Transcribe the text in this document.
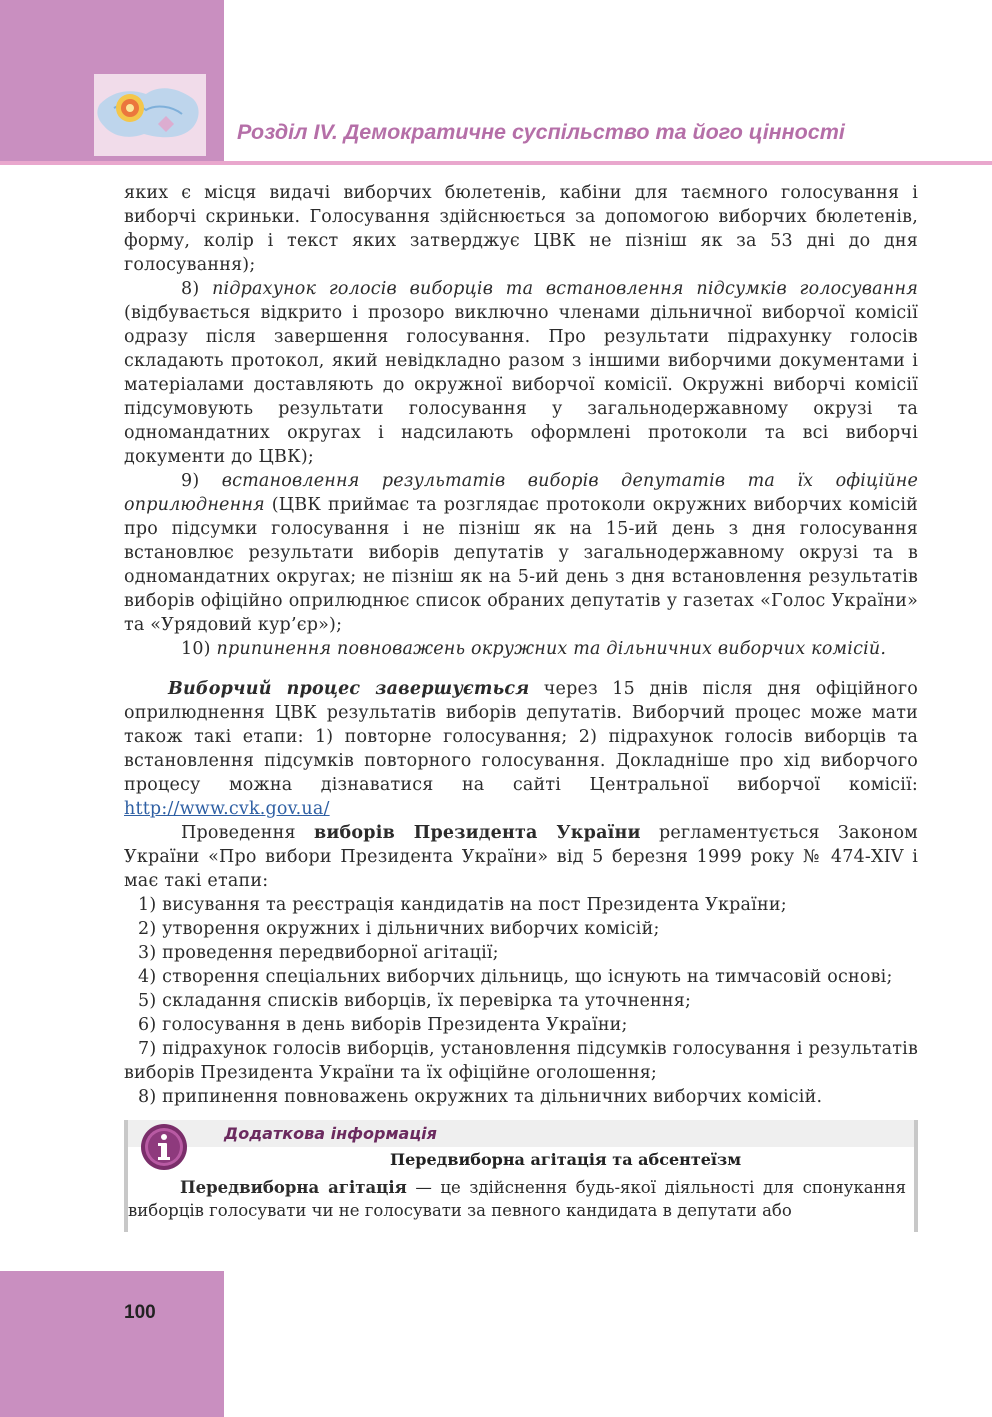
Розділ IV. Демократичне суспільство та його цінності

яких є місця видачі виборчих бюлетенів, кабіни для таємного голосування і виборчі скриньки. Голосування здійснюється за допомогою виборчих бюлетенів, форму, колір і текст яких затверджує ЦВК не пізніш як за 53 дні до дня голосування);

8) підрахунок голосів виборців та встановлення підсумків голосування (відбувається відкрито і прозоро виключно членами дільничної виборчої комісії одразу після завершення голосування. Про результати підрахунку голосів складають протокол, який невідкладно разом з іншими виборчими документами і матеріалами доставляють до окружної виборчої комісії. Окружні виборчі комісії підсумовують результати голосування у загальнодержавному окрузі та одномандатних округах і надсилають оформлені протоколи та всі виборчі документи до ЦВК);

9) встановлення результатів виборів депутатів та їх офіційне оприлюднення (ЦВК приймає та розглядає протоколи окружних виборчих комісій про підсумки голосування і не пізніш як на 15-ий день з дня голосування встановлює результати виборів депутатів у загальнодержавному окрузі та в одномандатних округах; не пізніш як на 5-ий день з дня встановлення результатів виборів офіційно оприлюднює список обраних депутатів у газетах «Голос України» та «Урядовий кур’єр»);

10) припинення повноважень окружних та дільничних виборчих комісій.

Виборчий процес завершується через 15 днів після дня офіційного оприлюднення ЦВК результатів виборів депутатів. Виборчий процес може мати також такі етапи: 1) повторне голосування; 2) підрахунок голосів виборців та встановлення підсумків повторного голосування. Докладніше про хід виборчого процесу можна дізнаватися на сайті Центральної виборчої комісії: http://www.cvk.gov.ua/

Проведення виборів Президента України регламентується Законом України «Про вибори Президента України» від 5 березня 1999 року № 474-XIV і має такі етапи:

1) висування та реєстрація кандидатів на пост Президента України;

2) утворення окружних і дільничних виборчих комісій;

3) проведення передвиборної агітації;

4) створення спеціальних виборчих дільниць, що існують на тимчасовій основі;

5) складання списків виборців, їх перевірка та уточнення;

6) голосування в день виборів Президента України;

7) підрахунок голосів виборців, установлення підсумків голосування і результатів виборів Президента України та їх офіційне оголошення;

8) припинення повноважень окружних та дільничних виборчих комісій.

Додаткова інформація

Передвиборна агітація та абсентеїзм

Передвиборна агітація — це здійснення будь-якої діяльності для спонукання виборців голосувати чи не голосувати за певного кандидата в депутати або

100
